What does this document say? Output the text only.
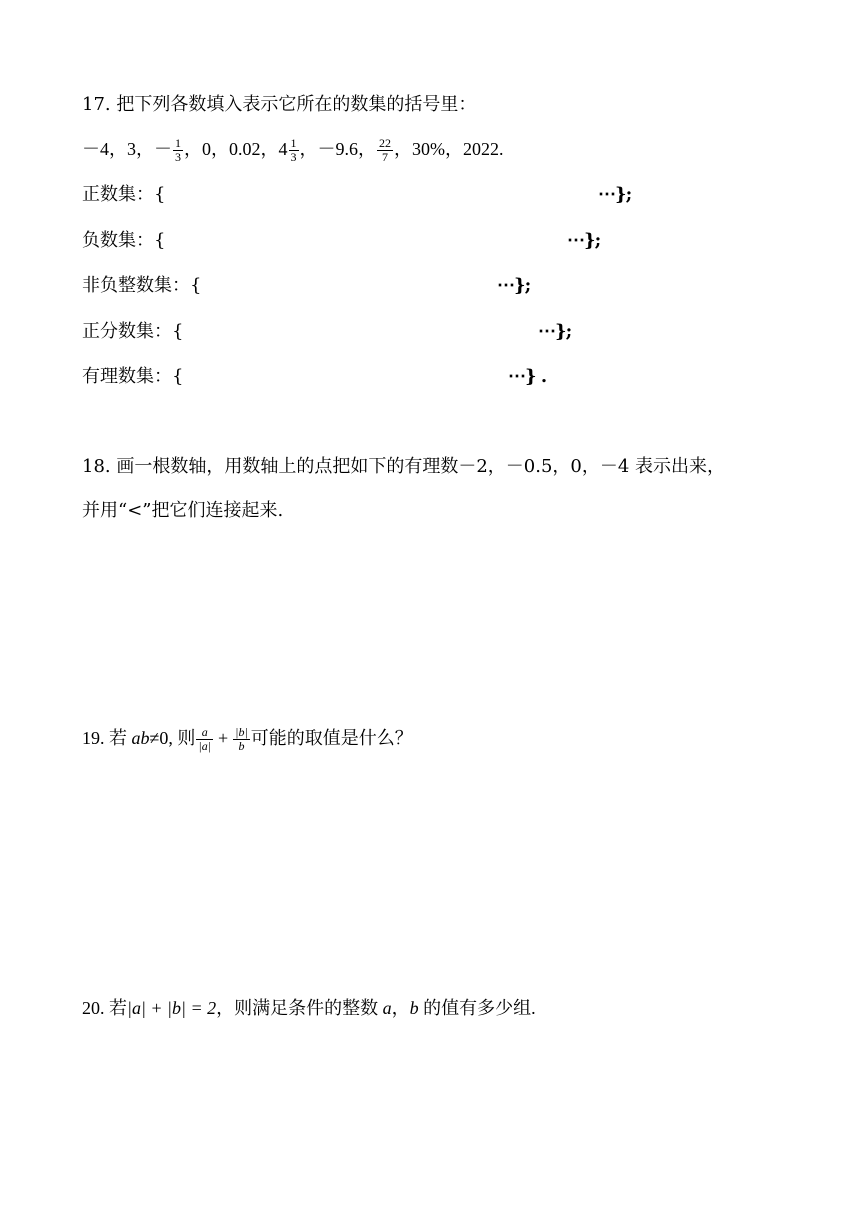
17. 把下列各数填入表示它所在的数集的括号里：
－4，3，－ $\frac{1}{3}$ ，0，0.02，$4 \frac{1}{3}$ ，－9.6， $\frac{22}{7}$ ，30%，2022.
正数集：{	⋯};
负数集：{	⋯};
非负整数集：{	⋯};
正分数集：{	⋯};
有理数集：{	⋯} .
18. 画一根数轴，用数轴上的点把如下的有理数－2，－0.5，0，－4 表示出来，
并用“<”把它们连接起来.
19. 若 ab≠0, 则 $\frac{a}{|a|} + \frac{|b|}{b}$ 可能的取值是什么？
20. 若|a| + |b| = 2，则满足条件的整数 a，b 的值有多少组.
